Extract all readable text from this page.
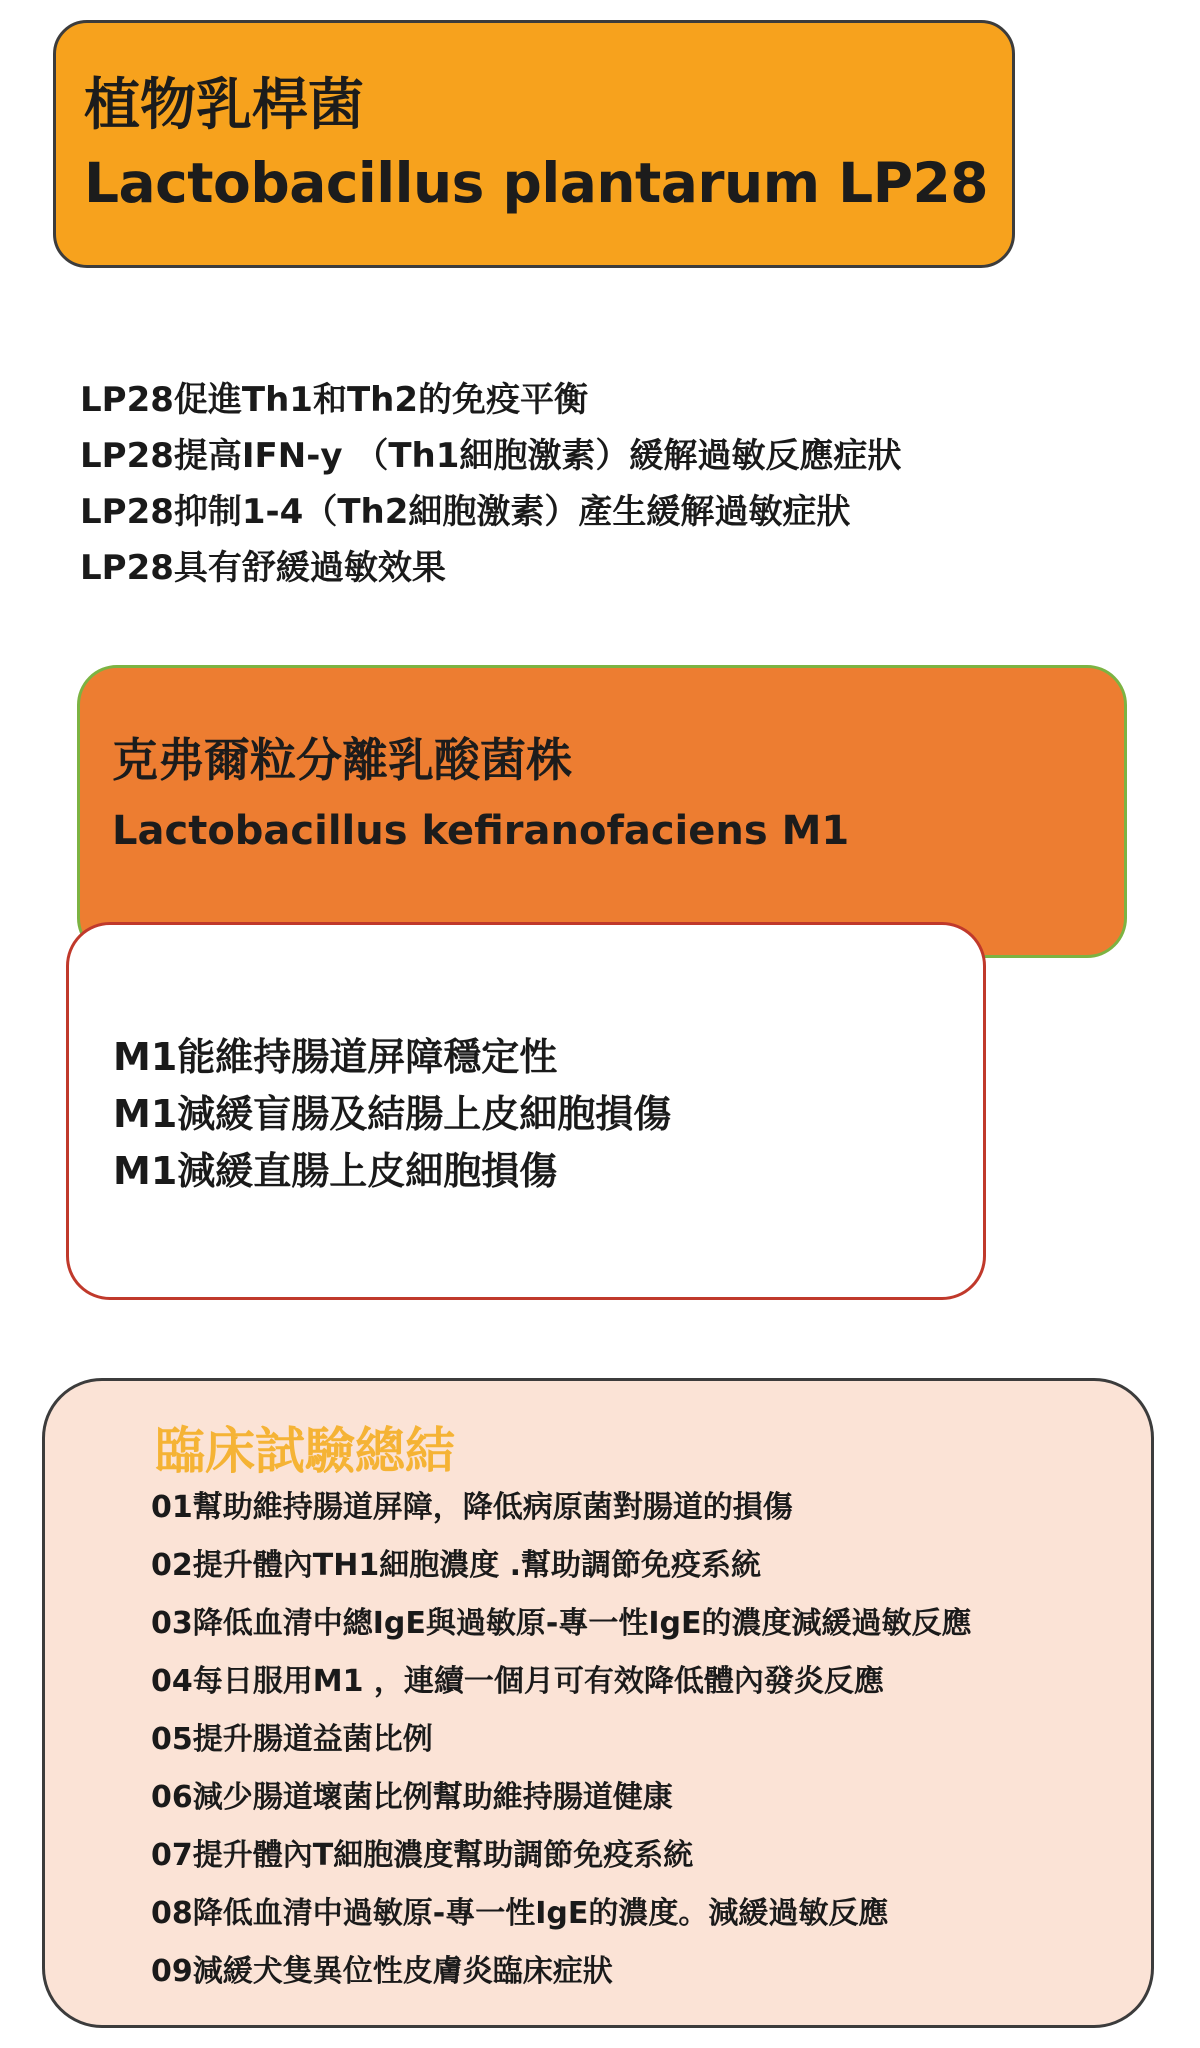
植物乳桿菌
Lactobacillus plantarum LP28
LP28促進Th1和Th2的免疫平衡
LP28提高IFN-y （Th1細胞激素）緩解過敏反應症狀
LP28抑制1-4（Th2細胞激素）產生緩解過敏症狀
LP28具有舒緩過敏效果
克弗爾粒分離乳酸菌株
Lactobacillus kefiranofaciens M1
M1能維持腸道屏障穩定性
M1減緩盲腸及結腸上皮細胞損傷
M1減緩直腸上皮細胞損傷
臨床試驗總結
01幫助維持腸道屏障，降低病原菌對腸道的損傷
02提升體內TH1細胞濃度 .幫助調節免疫系統
03降低血清中總IgE與過敏原-專一性IgE的濃度減緩過敏反應
04每日服用M1 ，連續一個月可有效降低體內發炎反應
05提升腸道益菌比例
06減少腸道壞菌比例幫助維持腸道健康
07提升體內T細胞濃度幫助調節免疫系統
08降低血清中過敏原-專一性IgE的濃度。減緩過敏反應
09減緩犬隻異位性皮膚炎臨床症狀
